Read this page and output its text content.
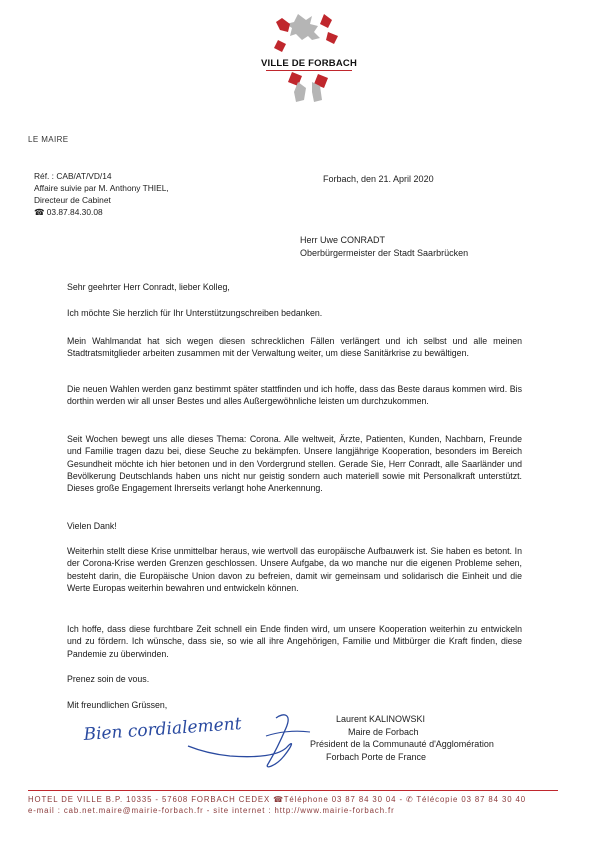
VILLE DE FORBACH
LE MAIRE
Réf. : CAB/AT/VD/14
Affaire suivie par M. Anthony THIEL,
Directeur de Cabinet
☎ 03.87.84.30.08
Forbach, den 21. April 2020
Herr Uwe CONRADT
Oberbürgermeister der Stadt Saarbrücken

Sehr geehrter Herr Conradt, lieber Kolleg,

Ich möchte Sie herzlich für Ihr Unterstützungschreiben bedanken.

Mein Wahlmandat hat sich wegen diesen schrecklichen Fällen verlängert und ich selbst und alle meinen Stadtratsmitglieder arbeiten zusammen mit der Verwaltung weiter, um diese Sanitärkrise zu bewältigen.

Die neuen Wahlen werden ganz bestimmt später stattfinden und ich hoffe, dass das Beste daraus kommen wird. Bis dorthin werden wir all unser Bestes und alles Außergewöhnliche leisten um durchzukommen.

Seit Wochen bewegt uns alle dieses Thema: Corona. Alle weltweit, Ärzte, Patienten, Kunden, Nachbarn, Freunde und Familie tragen dazu bei, diese Seuche zu bekämpfen. Unsere langjährige Kooperation, besonders im Bereich Gesundheit möchte ich hier betonen und in den Vordergrund stellen. Gerade Sie, Herr Conradt, alle Saarländer und Bevölkerung Deutschlands haben uns nicht nur geistig sondern auch materiell sowie mit Personalkraft unterstützt. Dieses große Engagement Ihrerseits verlangt hohe Anerkennung.

Vielen Dank!

Weiterhin stellt diese Krise unmittelbar heraus, wie wertvoll das europäische Aufbauwerk ist. Sie haben es betont. In der Corona-Krise werden Grenzen geschlossen. Unsere Aufgabe, da wo manche nur die eigenen Probleme sehen, besteht darin, die Europäische Union davon zu befreien, damit wir gemeinsam und solidarisch die Einheit und die Werte Europas weiterhin bewahren und entwickeln können.

Ich hoffe, dass diese furchtbare Zeit schnell ein Ende finden wird, um unsere Kooperation weiterhin zu entwickeln und zu fördern. Ich wünsche, dass sie, so wie all ihre Angehörigen, Familie und Mitbürger die Kraft finden, diese Pandemie zu überwinden.

Prenez soin de vous.

Mit freundlichen Grüssen,

Bien cordialement	Laurent KALINOWSKI
Maire de Forbach
Président de la Communauté d'Agglomération
Forbach Porte de France
HOTEL DE VILLE B.P. 10335 - 57608 FORBACH CEDEX ☎Téléphone 03 87 84 30 04 - ✆ Télécopie 03 87 84 30 40
e-mail : cab.net.maire@mairie-forbach.fr - site internet : http://www.mairie-forbach.fr
